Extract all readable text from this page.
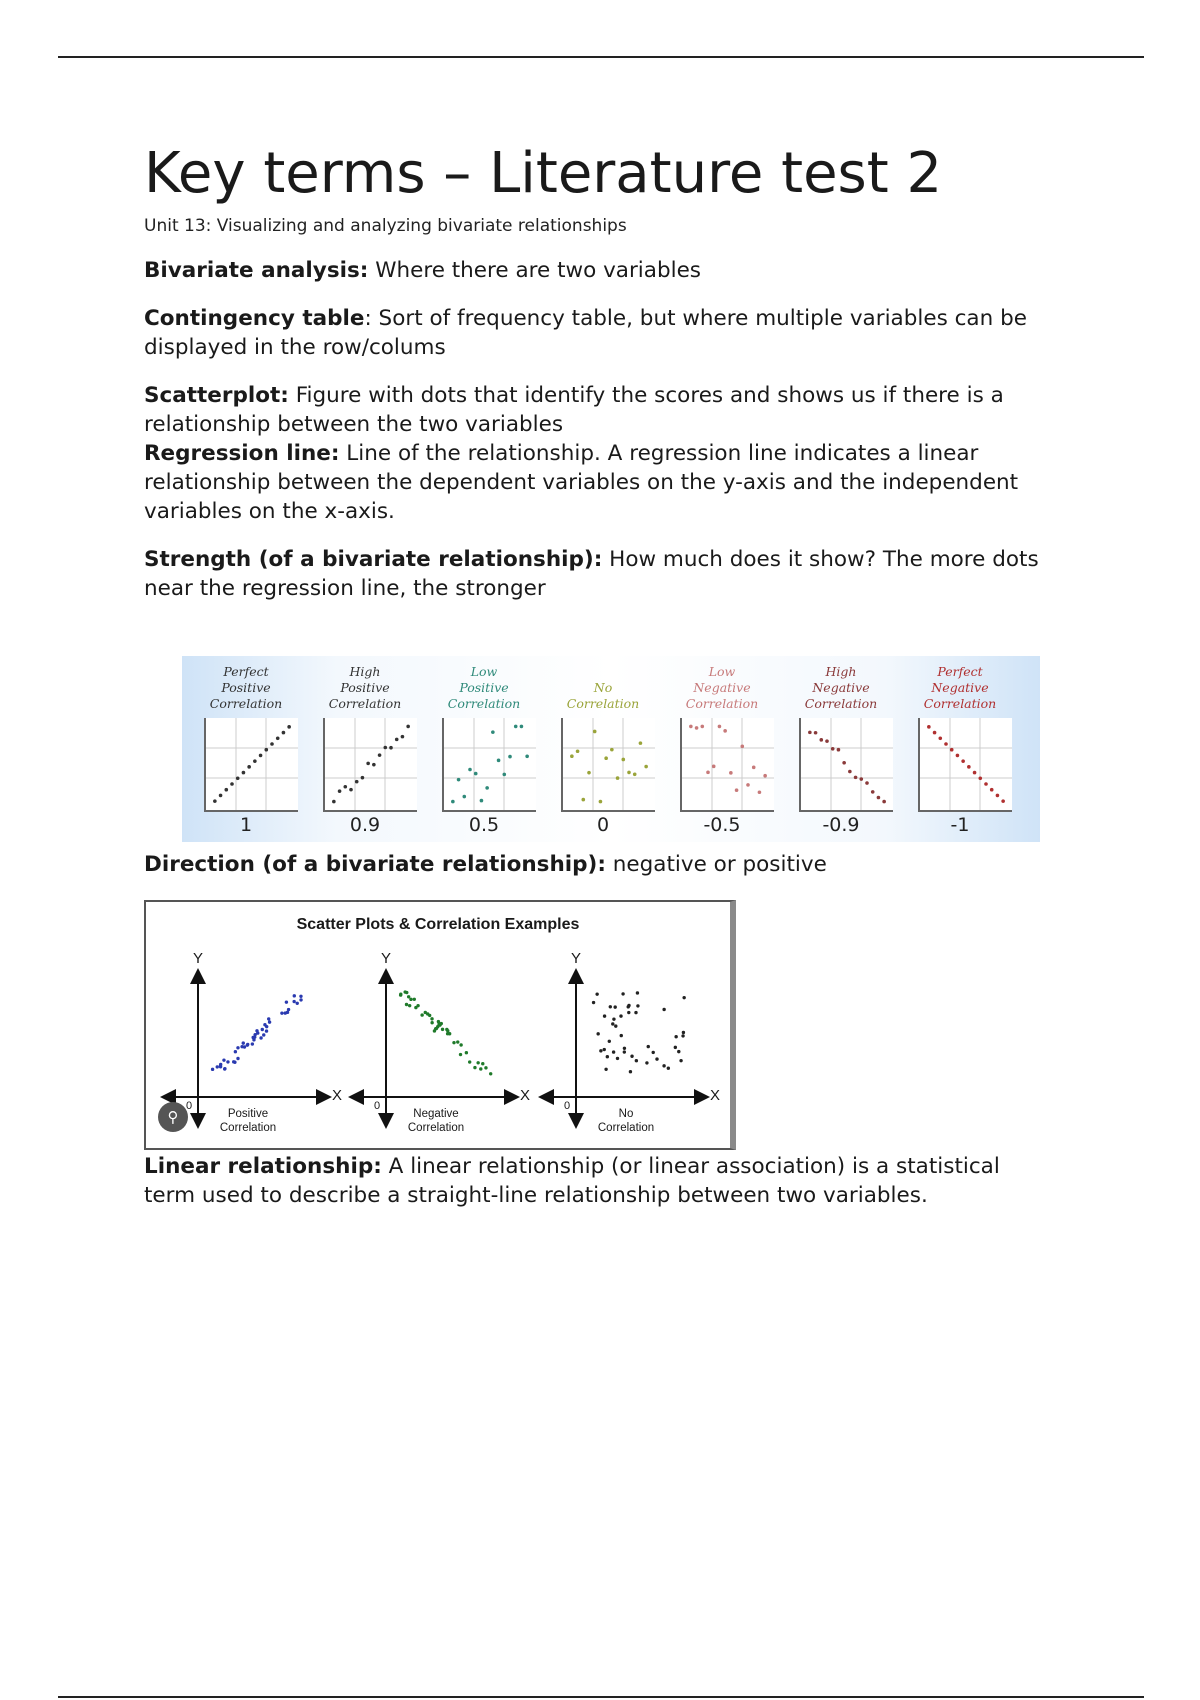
Key terms – Literature test 2
Unit 13: Visualizing and analyzing bivariate relationships

Bivariate analysis: Where there are two variables

Contingency table: Sort of frequency table, but where multiple variables can be displayed in the row/colums

Scatterplot: Figure with dots that identify the scores and shows us if there is a relationship between the two variables

Regression line: Line of the relationship. A regression line indicates a linear relationship between the dependent variables on the y-axis and the independent variables on the x-axis.

Strength (of a bivariate relationship): How much does it show? The more dots near the regression line, the stronger

Perfect
Positive
Correlation
1
High
Positive
Correlation
0.9
Low
Positive
Correlation
0.5
No
Correlation
0
Low
Negative
Correlation
-0.5
High
Negative
Correlation
-0.9
Perfect
Negative
Correlation
-1

Direction (of a bivariate relationship): negative or positive

Scatter Plots & Correlation Examples
⚲
Y
X
0
Positive
Correlation
Y
X
0
Negative
Correlation
Y
X
0
No
Correlation

Linear relationship: A linear relationship (or linear association) is a statistical term used to describe a straight-line relationship between two variables.
